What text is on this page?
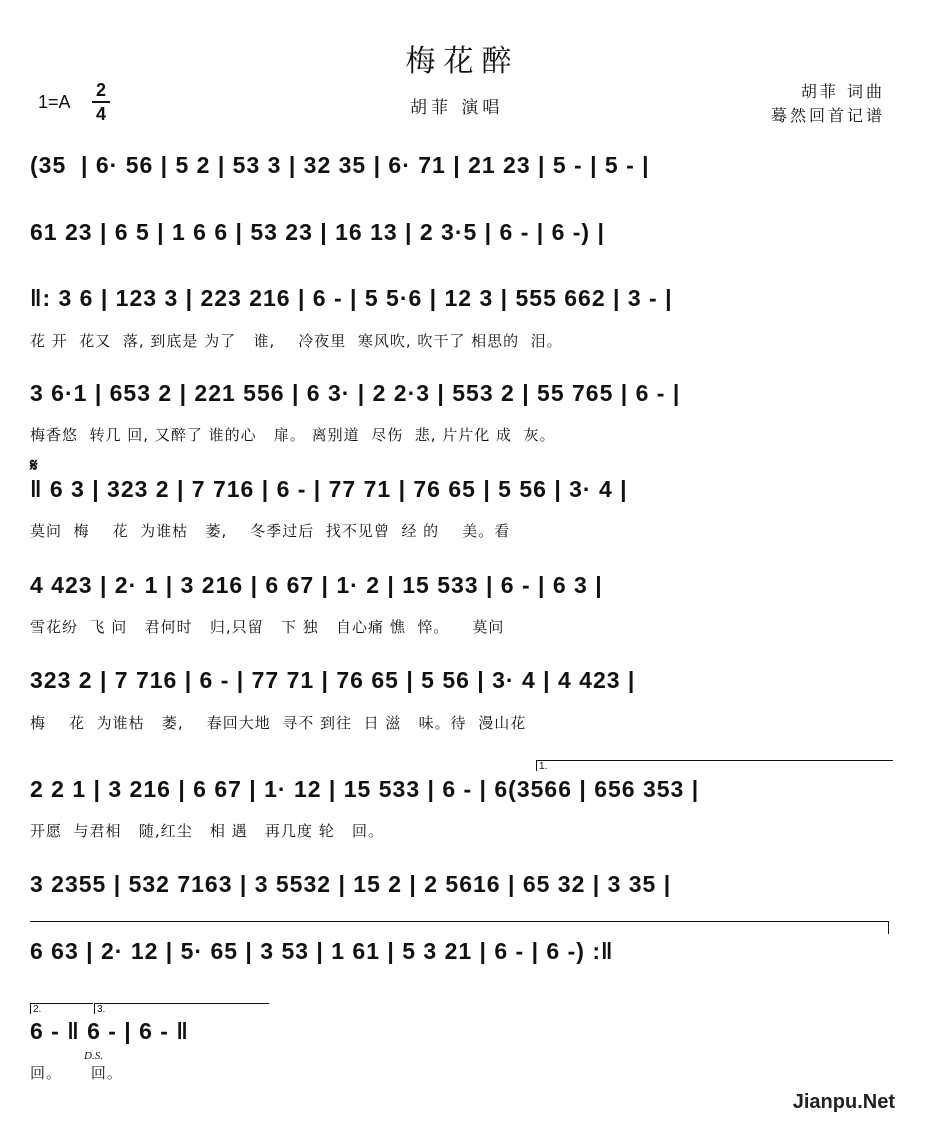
梅花醉
1=A
2
4	胡菲 演唱
胡菲 词曲
蓦然回首记谱
(35  | 6· 56 | 5 2 | 53 3 | 32 35 | 6· 71 | 21 23 | 5 - | 5 - |
61 23 | 6 5 | 1 6 6 | 53 23 | 16 13 | 2 3·5 | 6 - | 6 -) |
‖: 3 6 | 123 3 | 223 216 | 6 - | 5 5·6 | 12 3 | 555 662 | 3 - |
花 开  花又  落, 到底是 为了   谁,    冷夜里  寒风吹, 吹干了 相思的  泪。
3 6·1 | 653 2 | 221 556 | 6 3· | 2 2·3 | 553 2 | 55 765 | 6 - |
梅香悠  转几 回, 又醉了 谁的心   扉。 离别道  尽伤  悲, 片片化 成  灰。
𝄋
‖ 6 3 | 323 2 | 7 716 | 6 - | 77 71 | 76 65 | 5 56 | 3· 4 |
莫问  梅    花  为谁枯   萎,    冬季过后  找不见曾  经 的    美。看
4 423 | 2· 1 | 3 216 | 6 67 | 1· 2 | 15 533 | 6 - | 6 3 |
雪花纷  飞 问   君何时   归,只留   下 独   自心痛 憔  悴。    莫问
323 2 | 7 716 | 6 - | 77 71 | 76 65 | 5 56 | 3· 4 | 4 423 |
梅    花  为谁枯   萎,    春回大地  寻不 到往  日 滋   味。待  漫山花
1.
2 2 1 | 3 216 | 6 67 | 1· 12 | 15 533 | 6 - | 6(3566 | 656 353 |
开愿  与君相   随,红尘   相 遇   再几度 轮   回。
3 2355 | 532 7163 | 3 5532 | 15 2 | 2 5616 | 65 32 | 3 35 |
6 63 | 2· 12 | 5· 65 | 3 53 | 1 61 | 5 3 21 | 6 - | 6 -) :‖
2.	3.
6 - ‖ 6 - | 6 - ‖
D.S.
回。     回。
Jianpu.Net
